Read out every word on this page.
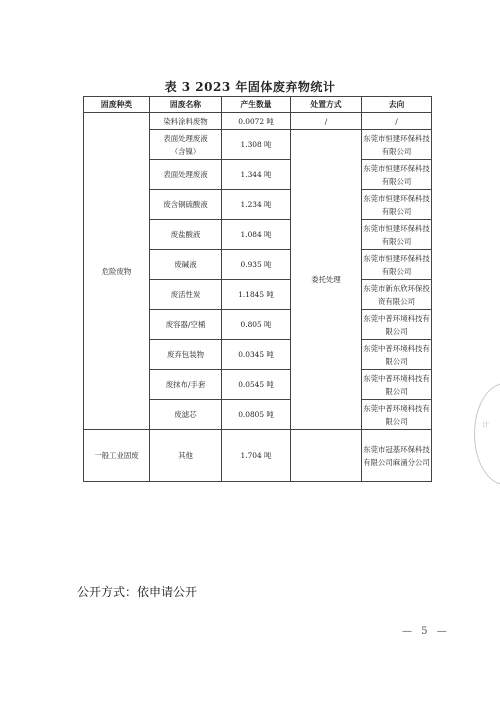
表 3 2023 年固体废弃物统计
固废种类	固废名称	产生数量	处置方式	去向
危险废物	染料涂料废物	0.0072 吨	/	/
	表面处理废液（含镍）	1.308 吨	委托处理	东莞市恒建环保科技有限公司
	表面处理废液	1.344 吨		东莞市恒建环保科技有限公司
	废含铜硫酸液	1.234 吨		东莞市恒建环保科技有限公司
	废盐酸液	1.084 吨		东莞市恒建环保科技有限公司
	废碱液	0.935 吨		东莞市恒建环保科技有限公司
	废活性炭	1.1845 吨		东莞市新东欣环保投资有限公司
	废容器/空桶	0.805 吨		东莞中普环境科技有限公司
	废弃包装物	0.0345 吨		东莞中普环境科技有限公司
	废抹布/手套	0.0545 吨		东莞中普环境科技有限公司
	废滤芯	0.0805 吨		东莞中普环境科技有限公司
一般工业固废	其他	1.704 吨		东莞市冠基环保科技有限公司麻涌分公司
公开方式：依申请公开
— 5 —
计
